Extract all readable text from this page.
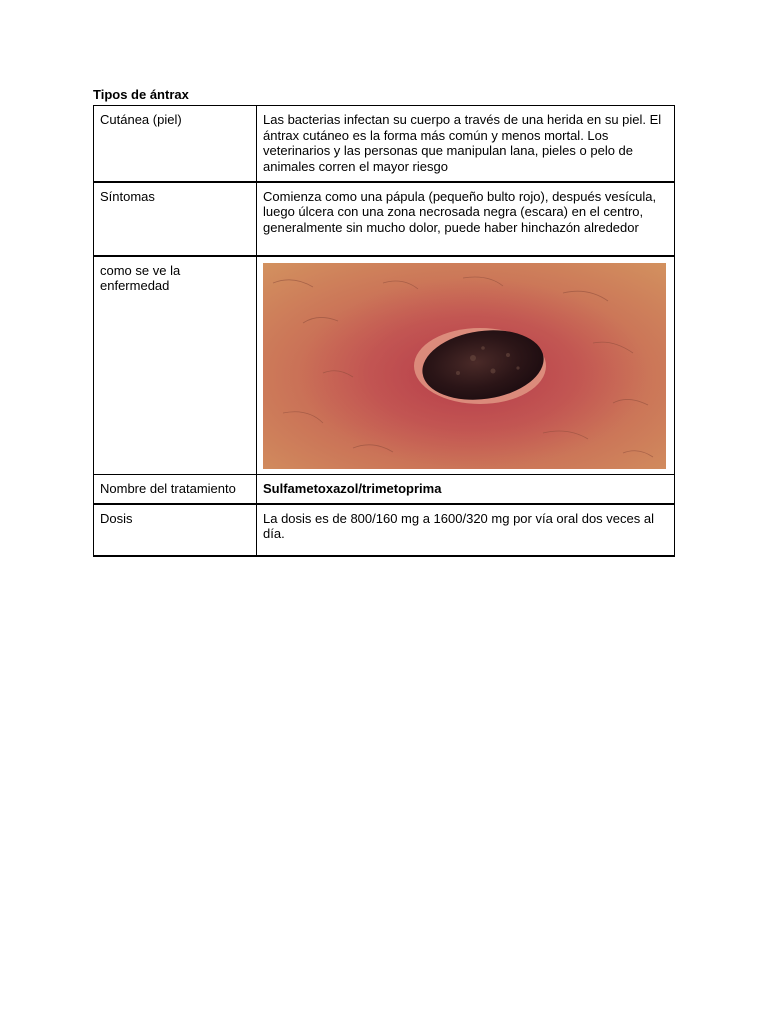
Tipos de ántrax
Cutánea (piel)	Las bacterias infectan su cuerpo a través de una herida en su piel. El ántrax cutáneo es la forma más común y menos mortal. Los veterinarios y las personas que manipulan lana, pieles o pelo de animales corren el mayor riesgo
Síntomas	Comienza como una pápula (pequeño bulto rojo), después vesícula, luego úlcera con una zona necrosada negra (escara) en el centro, generalmente sin mucho dolor, puede haber hinchazón alrededor
como se ve la enfermedad	

Nombre del tratamiento	Sulfametoxazol/trimetoprima
Dosis	La dosis es de 800/160 mg a 1600/320 mg por vía oral dos veces al día.
